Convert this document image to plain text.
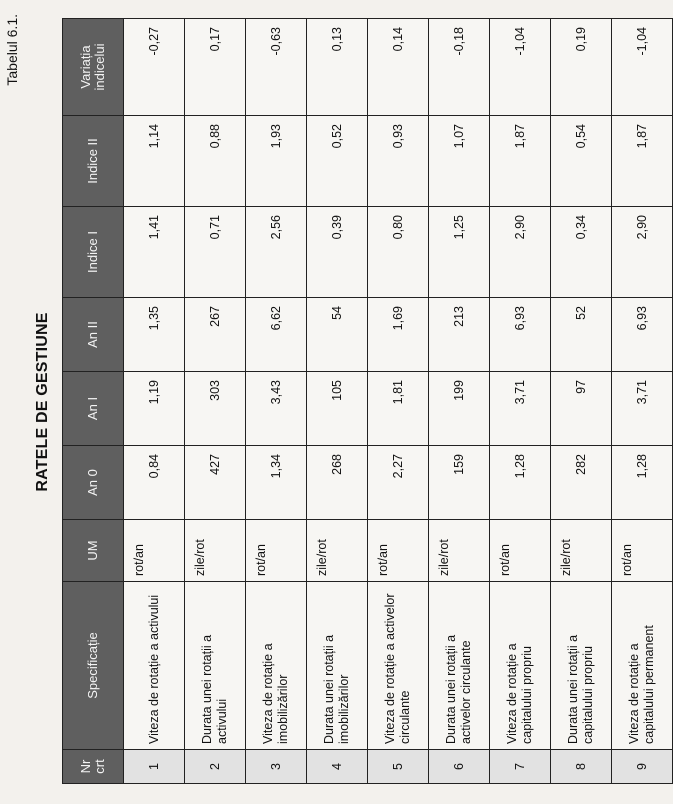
Tabelul 6.1.
RATELE DE GESTIUNE
Nr crt	Specificație	UM	An 0	An I	An II	Indice I	Indice II	Variația indicelui
1	Viteza de rotație a activului	rot/an	0,84	1,19	1,35	1,41	1,14	-0,27
2	Durata unei rotații a activului	zile/rot	427	303	267	0,71	0,88	0,17
3	Viteza de rotație a imobilizărilor	rot/an	1,34	3,43	6,62	2,56	1,93	-0,63
4	Durata unei rotații a imobilizărilor	zile/rot	268	105	54	0,39	0,52	0,13
5	Viteza de rotație a activelor circulante	rot/an	2,27	1,81	1,69	0,80	0,93	0,14
6	Durata unei rotații a activelor circulante	zile/rot	159	199	213	1,25	1,07	-0,18
7	Viteza de rotație a capitalului propriu	rot/an	1,28	3,71	6,93	2,90	1,87	-1,04
8	Durata unei rotații a capitalului propriu	zile/rot	282	97	52	0,34	0,54	0,19
9	Viteza de rotație a capitalului permanent	rot/an	1,28	3,71	6,93	2,90	1,87	-1,04
